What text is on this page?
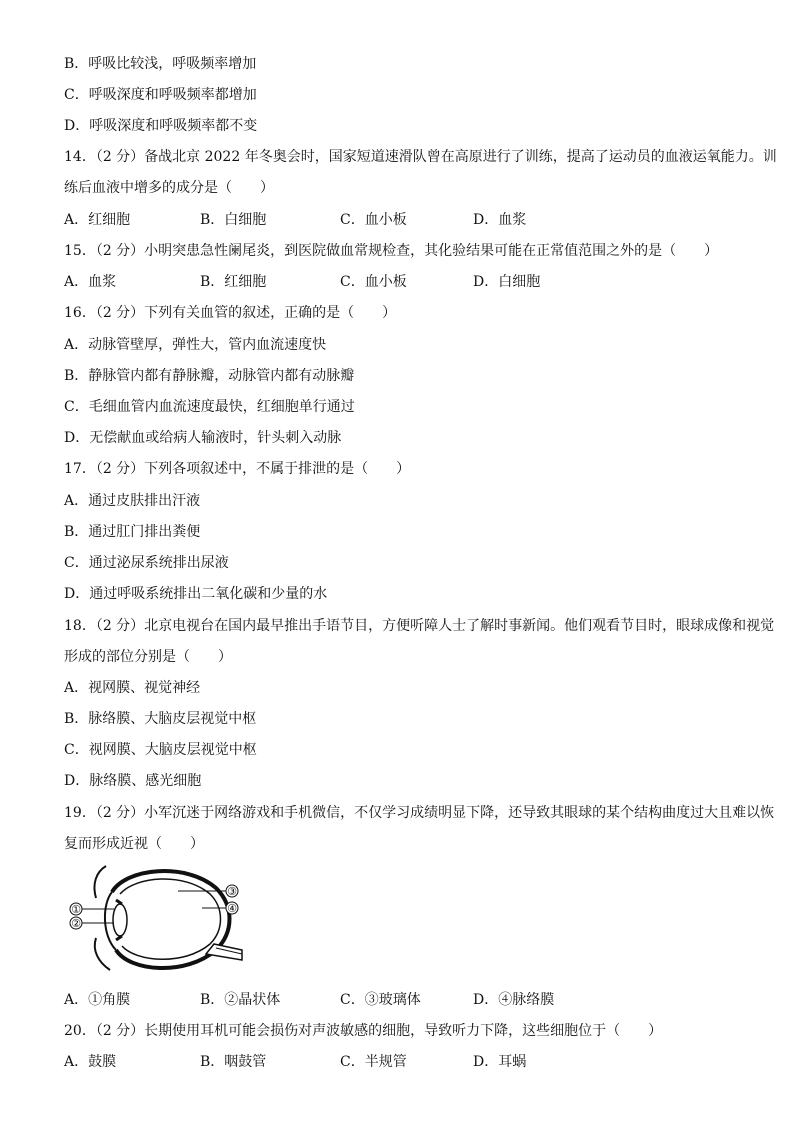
B．呼吸比较浅，呼吸频率增加
C．呼吸深度和呼吸频率都增加
D．呼吸深度和呼吸频率都不变
14．（2 分）备战北京 2022 年冬奥会时，国家短道速滑队曾在高原进行了训练，提高了运动员的血液运氧能力。训
练后血液中增多的成分是（　　）
A．红细胞	B．白细胞	C．血小板	D．血浆
15．（2 分）小明突患急性阑尾炎，到医院做血常规检查，其化验结果可能在正常值范围之外的是（　　）
A．血浆	B．红细胞	C．血小板	D．白细胞
16．（2 分）下列有关血管的叙述，正确的是（　　）
A．动脉管壁厚，弹性大，管内血流速度快
B．静脉管内都有静脉瓣，动脉管内都有动脉瓣
C．毛细血管内血流速度最快，红细胞单行通过
D．无偿献血或给病人输液时，针头刺入动脉
17．（2 分）下列各项叙述中，不属于排泄的是（　　）
A．通过皮肤排出汗液
B．通过肛门排出粪便
C．通过泌尿系统排出尿液
D．通过呼吸系统排出二氧化碳和少量的水
18．（2 分）北京电视台在国内最早推出手语节目，方便听障人士了解时事新闻。他们观看节目时，眼球成像和视觉
形成的部位分别是（　　）
A．视网膜、视觉神经
B．脉络膜、大脑皮层视觉中枢
C．视网膜、大脑皮层视觉中枢
D．脉络膜、感光细胞
19．（2 分）小军沉迷于网络游戏和手机微信，不仅学习成绩明显下降，还导致其眼球的某个结构曲度过大且难以恢
复而形成近视（　　）
①
②
③
④
A．①角膜	B．②晶状体	C．③玻璃体	D．④脉络膜
20．（2 分）长期使用耳机可能会损伤对声波敏感的细胞，导致听力下降，这些细胞位于（　　）
A．鼓膜	B．咽鼓管	C．半规管	D．耳蜗
